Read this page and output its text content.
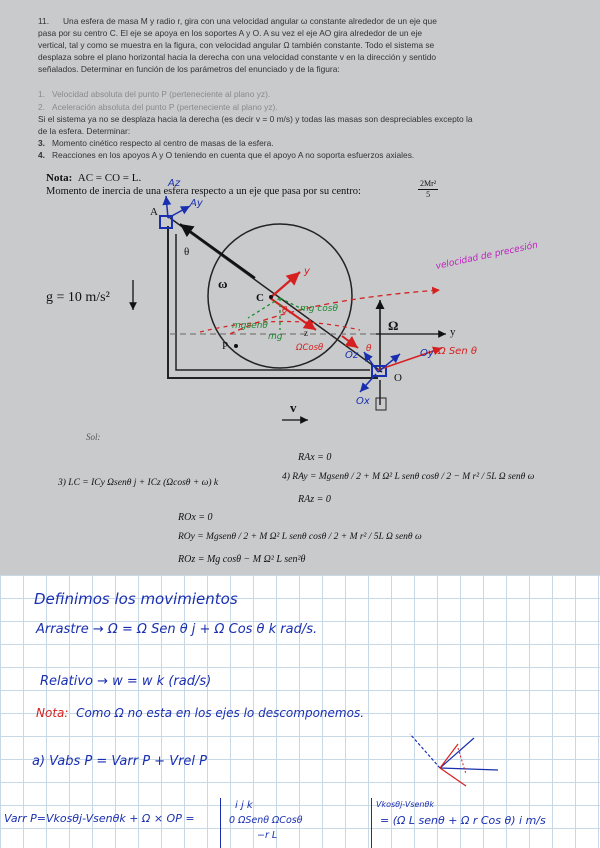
11. Una esfera de masa M y radio r, gira con una velocidad angular ω constante alrededor de un eje que
pasa por su centro C. El eje se apoya en los soportes A y O. A su vez el eje AO gira alrededor de un eje
vertical, tal y como se muestra en la figura, con velocidad angular Ω también constante. Todo el sistema se
desplaza sobre el plano horizontal hacia la derecha con una velocidad constante v en la dirección y sentido
señalados. Determinar en función de los parámetros del enunciado y de la figura:
1. Velocidad absoluta del punto P (perteneciente al plano yz).
2. Aceleración absoluta del punto P (perteneciente al plano yz).
Si el sistema ya no se desplaza hacia la derecha (es decir v = 0 m/s) y todas las masas son despreciables excepto la
de la esfera. Determinar:
3. Momento cinético respecto al centro de masas de la esfera.
4. Reacciones en los apoyos A y O teniendo en cuenta que el apoyo A no soporta esfuerzos axiales.
Nota: AC = CO = L.
Momento de inercia de una esfera respecto a un eje que pasa por su centro:
2Mr²
5
g = 10 m/s²
A
θ
ω
C
P
z	Ω	y
O
v
Az
Ay
Oy
Oz
Ox
mg cosθ
mgsenθ
mg
y
ΩCosθ	Ω Sen θ
θ
θ
velocidad de precesión
Sol:
RAx = 0
3) LC = ICy Ωsenθ j + ICz (Ωcosθ + ω) k
4) RAy = Mgsenθ / 2 + M Ω² L senθ cosθ / 2 − M r² / 5L Ω senθ ω
RAz = 0
ROx = 0
ROy = Mgsenθ / 2 + M Ω² L senθ cosθ / 2 + M r² / 5L Ω senθ ω
ROz = Mg cosθ − M Ω² L sen²θ
Definimos los movimientos
Arrastre → Ω = Ω Sen θ j + Ω Cos θ k rad/s.
Relativo → w = w k (rad/s)
Nota: Como Ω no esta en los ejes lo descomponemos.
a) Vabs P = Varr P + Vrel P
Varr P=Vkosθj-Vsenθk + Ω × OP =
i j k
0 ΩSenθ ΩCosθ
−r L
Vkosθj-Vsenθk
= (Ω L senθ + Ω r Cos θ) i m/s
